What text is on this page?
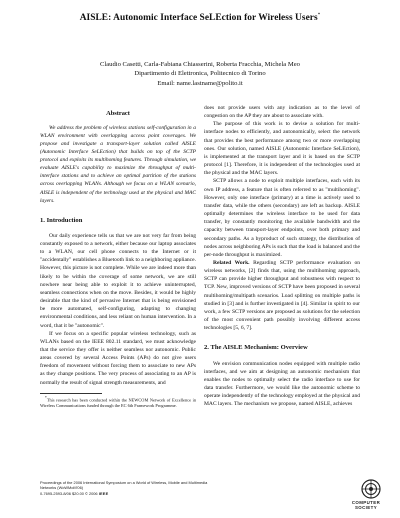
AISLE: Autonomic Interface SeLEction for Wireless Users*
Claudio Casetti, Carla-Fabiana Chiasserini, Roberta Fracchia, Michela Meo
Dipartimento di Elettronica, Politecnico di Torino
Email: name.lastname@polito.it
Abstract

We address the problem of wireless stations self-configuration in a WLAN environment with overlapping access point coverages. We propose and investigate a transport-layer solution called AISLE (Autonomic Interface SeLEction) that builds on top of the SCTP protocol and exploits its multihoming features. Through simulation, we evaluate AISLE's capability to maximize the throughput of multi-interface stations and to achieve an optimal partition of the stations across overlapping WLANs. Although we focus on a WLAN scenario, AISLE is independent of the technology used at the physical and MAC layers.

1. Introduction

Our daily experience tells us that we are not very far from being constantly exposed to a network, either because our laptop associates to a WLAN, our cell phone connects to the Internet or it "accidentally" establishes a Bluetooth link to a neighboring appliance. However, this picture is not complete. While we are indeed more than likely to be within the coverage of some network, we are still nowhere near being able to exploit it to achieve uninterrupted, seamless connections when on the move. Besides, it would be highly desirable that the kind of pervasive Internet that is being envisioned be more automated, self-configuring, adapting to changing environmental conditions, and less reliant on human intervention. In a word, that it be "autonomic".

If we focus on a specific popular wireless technology, such as WLANs based on the IEEE 802.11 standard, we must acknowledge that the service they offer is neither seamless nor autonomic. Public areas covered by several Access Points (APs) do not give users freedom of movement without forcing them to associate to new APs as they change positions. The very process of associating to an AP is normally the result of signal strength measurements, and

*This research has been conducted within the NEWCOM Network of Excellence in Wireless Communications funded through the EC 6th Framework Programme.

does not provide users with any indication as to the level of congestion on the AP they are about to associate with.

The purpose of this work is to devise a solution for multi-interface nodes to efficiently, and autonomically, select the network that provides the best performance among two or more overlapping ones. Our solution, named AISLE (Autonomic Interface SeLEction), is implemented at the transport layer and it is based on the SCTP protocol [1]. Therefore, it is independent of the technologies used at the physical and the MAC layers.

SCTP allows a node to exploit multiple interfaces, each with its own IP address, a feature that is often referred to as "multihoming". However, only one interface (primary) at a time is actively used to transfer data, while the others (secondary) are left as backup. AISLE optimally determines the wireless interface to be used for data transfer, by constantly monitoring the available bandwidth and the capacity between transport-layer endpoints, over both primary and secondary paths. As a byproduct of such strategy, the distribution of nodes across neighboring APs is such that the load is balanced and the per-node throughput is maximized.

Related Work. Regarding SCTP performance evaluation on wireless networks, [2] finds that, using the multihoming approach, SCTP can provide higher throughput and robustness with respect to TCP. New, improved versions of SCTP have been proposed in several multihoming/multipath scenarios. Load splitting on multiple paths is studied in [3] and is further investigated in [4]. Similar in spirit to our work, a few SCTP versions are proposed as solutions for the selection of the most convenient path possibly involving different access technologies [5, 6, 7].

2. The AISLE Mechanism: Overview

We envision communication nodes equipped with multiple radio interfaces, and we aim at designing an autonomic mechanism that enables the nodes to optimally select the radio interface to use for data transfer. Furthermore, we would like the autonomic scheme to operate independently of the technology employed at the physical and MAC layers. The mechanism we propose, named AISLE, achieves

Proceedings of the 2006 International Symposium on a World of Wireless, Mobile and Multimedia
Networks (WoWMoM'06)
0-7695-2593-8/06 $20.00 © 2006 IEEE
COMPUTER
SOCIETY
